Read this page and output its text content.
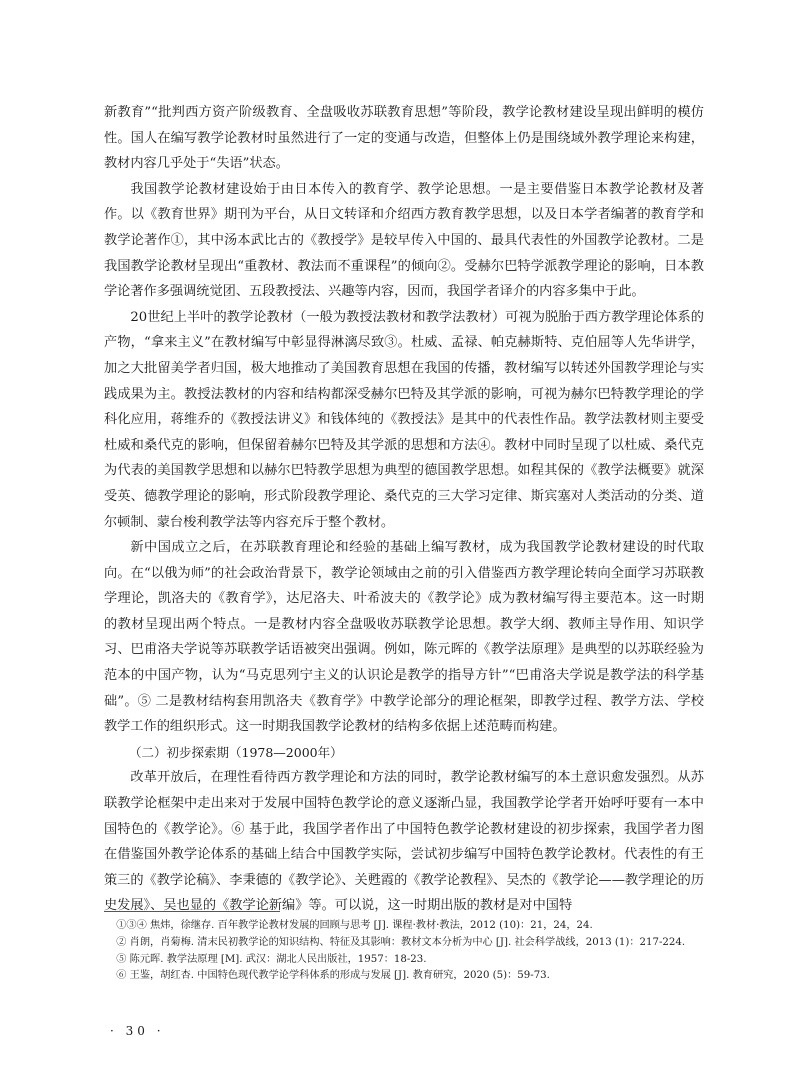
新教育”“批判西方资产阶级教育、全盘吸收苏联教育思想”等阶段，教学论教材建设呈现出鲜明的模仿性。国人在编写教学论教材时虽然进行了一定的变通与改造，但整体上仍是围绕域外教学理论来构建，教材内容几乎处于“失语”状态。

我国教学论教材建设始于由日本传入的教育学、教学论思想。一是主要借鉴日本教学论教材及著作。以《教育世界》期刊为平台，从日文转译和介绍西方教育教学思想，以及日本学者编著的教育学和教学论著作①，其中汤本武比古的《教授学》是较早传入中国的、最具代表性的外国教学论教材。二是我国教学论教材呈现出“重教材、教法而不重课程”的倾向②。受赫尔巴特学派教学理论的影响，日本教学论著作多强调统觉团、五段教授法、兴趣等内容，因而，我国学者译介的内容多集中于此。

20世纪上半叶的教学论教材（一般为教授法教材和教学法教材）可视为脱胎于西方教学理论体系的产物，“拿来主义”在教材编写中彰显得淋漓尽致③。杜威、孟禄、帕克赫斯特、克伯屈等人先华讲学，加之大批留美学者归国，极大地推动了美国教育思想在我国的传播，教材编写以转述外国教学理论与实践成果为主。教授法教材的内容和结构都深受赫尔巴特及其学派的影响，可视为赫尔巴特教学理论的学科化应用，蒋维乔的《教授法讲义》和钱体纯的《教授法》是其中的代表性作品。教学法教材则主要受杜威和桑代克的影响，但保留着赫尔巴特及其学派的思想和方法④。教材中同时呈现了以杜威、桑代克为代表的美国教学思想和以赫尔巴特教学思想为典型的德国教学思想。如程其保的《教学法概要》就深受英、德教学理论的影响，形式阶段教学理论、桑代克的三大学习定律、斯宾塞对人类活动的分类、道尔顿制、蒙台梭利教学法等内容充斥于整个教材。

新中国成立之后，在苏联教育理论和经验的基础上编写教材，成为我国教学论教材建设的时代取向。在“以俄为师”的社会政治背景下，教学论领域由之前的引入借鉴西方教学理论转向全面学习苏联教学理论，凯洛夫的《教育学》，达尼洛夫、叶希波夫的《教学论》成为教材编写得主要范本。这一时期的教材呈现出两个特点。一是教材内容全盘吸收苏联教学论思想。教学大纲、教师主导作用、知识学习、巴甫洛夫学说等苏联教学话语被突出强调。例如，陈元晖的《教学法原理》是典型的以苏联经验为范本的中国产物，认为“马克思列宁主义的认识论是教学的指导方针”“巴甫洛夫学说是教学法的科学基础”。⑤ 二是教材结构套用凯洛夫《教育学》中教学论部分的理论框架，即教学过程、教学方法、学校教学工作的组织形式。这一时期我国教学论教材的结构多依据上述范畴而构建。

（二）初步探索期（1978—2000年）

改革开放后，在理性看待西方教学理论和方法的同时，教学论教材编写的本土意识愈发强烈。从苏联教学论框架中走出来对于发展中国特色教学论的意义逐渐凸显，我国教学论学者开始呼吁要有一本中国特色的《教学论》。⑥ 基于此，我国学者作出了中国特色教学论教材建设的初步探索，我国学者力图在借鉴国外教学论体系的基础上结合中国教学实际，尝试初步编写中国特色教学论教材。代表性的有王策三的《教学论稿》、李秉德的《教学论》、关甦霞的《教学论教程》、吴杰的《教学论——教学理论的历史发展》、吴也显的《教学论新编》等。可以说，这一时期出版的教材是对中国特

①③④ 焦炜，徐继存. 百年教学论教材发展的回顾与思考 [J]. 课程·教材·教法，2012 (10)：21，24，24.

② 肖朗，肖菊梅. 清末民初教学论的知识结构、特征及其影响：教材文本分析为中心 [J]. 社会科学战线，2013 (1)：217-224.

⑤ 陈元晖. 教学法原理 [M]. 武汉：湖北人民出版社，1957：18-23.

⑥ 王鉴，胡红杏. 中国特色现代教学论学科体系的形成与发展 [J]. 教育研究，2020 (5)：59-73.

· 30 ·
